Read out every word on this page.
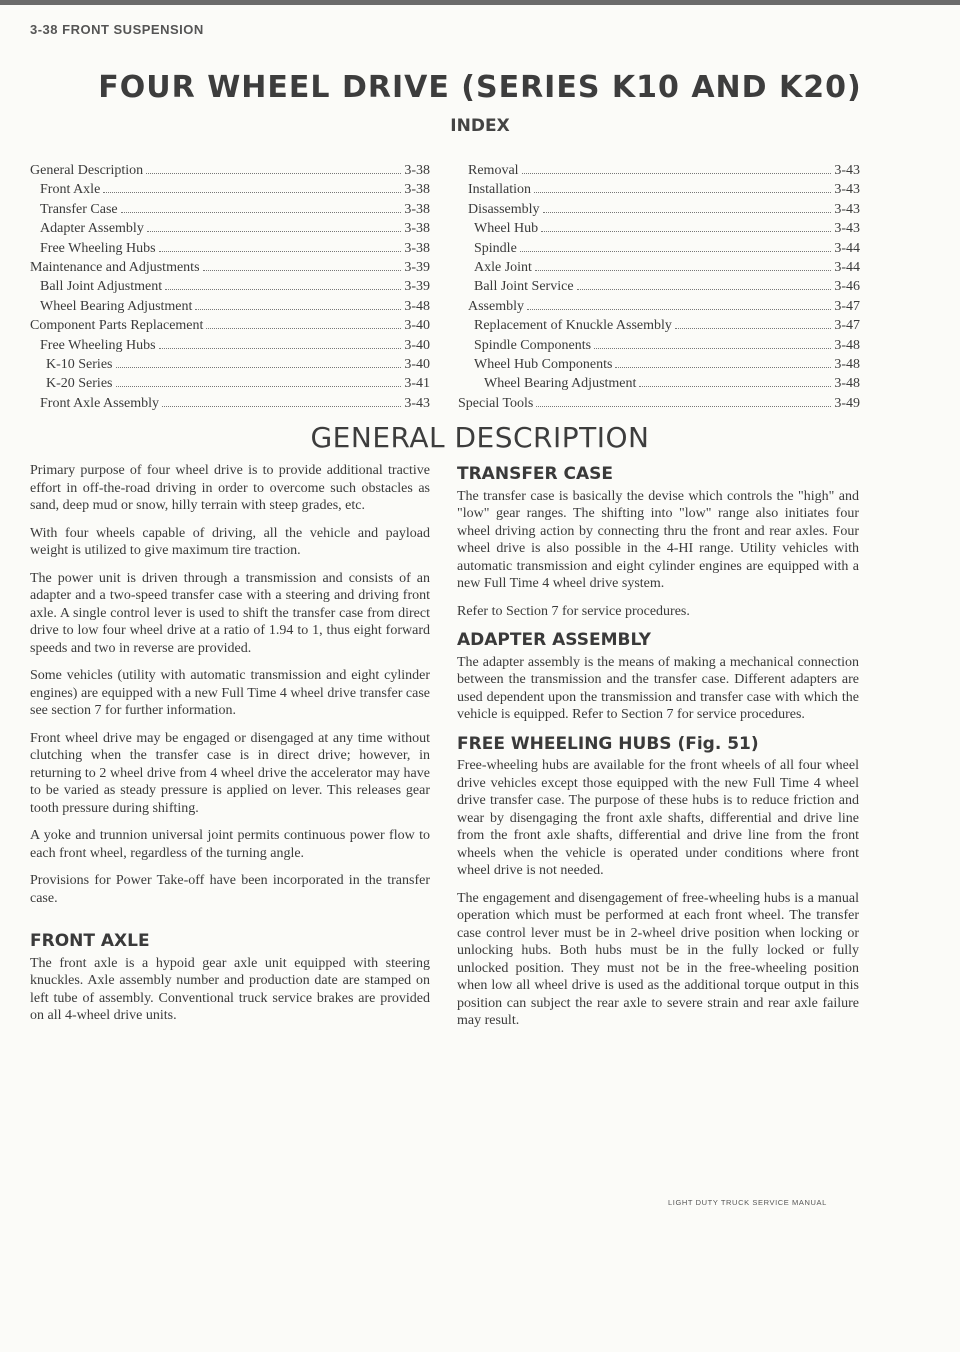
3-38 FRONT SUSPENSION
FOUR WHEEL DRIVE (SERIES K10 AND K20)
INDEX
General Description	3-38
Front Axle	3-38
Transfer Case	3-38
Adapter Assembly	3-38
Free Wheeling Hubs	3-38
Maintenance and Adjustments	3-39
Ball Joint Adjustment	3-39
Wheel Bearing Adjustment	3-48
Component Parts Replacement	3-40
Free Wheeling Hubs	3-40
K-10 Series	3-40
K-20 Series	3-41
Front Axle Assembly	3-43
Removal	3-43
Installation	3-43
Disassembly	3-43
Wheel Hub	3-43
Spindle	3-44
Axle Joint	3-44
Ball Joint Service	3-46
Assembly	3-47
Replacement of Knuckle Assembly	3-47
Spindle Components	3-48
Wheel Hub Components	3-48
Wheel Bearing Adjustment	3-48
Special Tools	3-49
GENERAL DESCRIPTION

Primary purpose of four wheel drive is to provide additional tractive effort in off-the-road driving in order to overcome such obstacles as sand, deep mud or snow, hilly terrain with steep grades, etc.

With four wheels capable of driving, all the vehicle and payload weight is utilized to give maximum tire traction.

The power unit is driven through a transmission and consists of an adapter and a two-speed transfer case with a steering and driving front axle. A single control lever is used to shift the transfer case from direct drive to low four wheel drive at a ratio of 1.94 to 1, thus eight forward speeds and two in reverse are provided.

Some vehicles (utility with automatic transmission and eight cylinder engines) are equipped with a new Full Time 4 wheel drive transfer case see section 7 for further information.

Front wheel drive may be engaged or disengaged at any time without clutching when the transfer case is in direct drive; however, in returning to 2 wheel drive from 4 wheel drive the accelerator may have to be varied as steady pressure is applied on lever. This releases gear tooth pressure during shifting.

A yoke and trunnion universal joint permits continuous power flow to each front wheel, regardless of the turning angle.

Provisions for Power Take-off have been incorporated in the transfer case.

FRONT AXLE

The front axle is a hypoid gear axle unit equipped with steering knuckles. Axle assembly number and production date are stamped on left tube of assembly. Conventional truck service brakes are provided on all 4-wheel drive units.

TRANSFER CASE

The transfer case is basically the devise which controls the "high" and "low" gear ranges. The shifting into "low" range also initiates four wheel driving action by connecting thru the front and rear axles. Four wheel drive is also possible in the 4-HI range. Utility vehicles with automatic transmission and eight cylinder engines are equipped with a new Full Time 4 wheel drive system.

Refer to Section 7 for service procedures.

ADAPTER ASSEMBLY

The adapter assembly is the means of making a mechanical connection between the transmission and the transfer case. Different adapters are used dependent upon the transmission and transfer case with which the vehicle is equipped. Refer to Section 7 for service procedures.

FREE WHEELING HUBS (Fig. 51)

Free-wheeling hubs are available for the front wheels of all four wheel drive vehicles except those equipped with the new Full Time 4 wheel drive transfer case. The purpose of these hubs is to reduce friction and wear by disengaging the front axle shafts, differential and drive line from the front axle shafts, differential and drive line from the front wheels when the vehicle is operated under conditions where front wheel drive is not needed.

The engagement and disengagement of free-wheeling hubs is a manual operation which must be performed at each front wheel. The transfer case control lever must be in 2-wheel drive position when locking or unlocking hubs. Both hubs must be in the fully locked or fully unlocked position. They must not be in the free-wheeling position when low all wheel drive is used as the additional torque output in this position can subject the rear axle to severe strain and rear axle failure may result.

LIGHT DUTY TRUCK SERVICE MANUAL
